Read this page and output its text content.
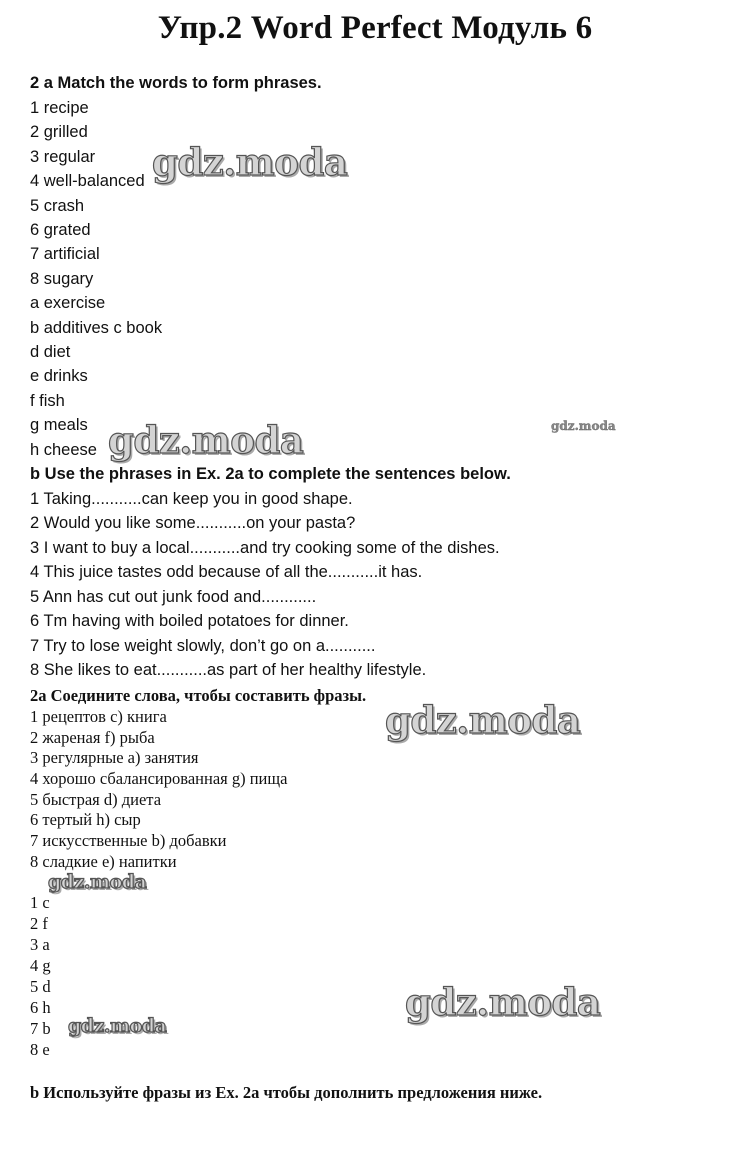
Упр.2 Word Perfect Модуль 6
2 a Match the words to form phrases.
1 recipe
2 grilled
3 regular
4 well-balanced
5 crash
6 grated
7 artificial
8 sugary
a exercise
b additives c book
d diet
e drinks
f fish
g meals
h cheese
b Use the phrases in Ex. 2a to complete the sentences below.
1 Taking...........can keep you in good shape.
2 Would you like some...........on your pasta?
3 I want to buy a local...........and try cooking some of the dishes.
4 This juice tastes odd because of all the...........it has.
5 Ann has cut out junk food and............
6 Tm having with boiled potatoes for dinner.
7 Try to lose weight slowly, don’t go on a...........
8 She likes to eat...........as part of her healthy lifestyle.
2a Соедините слова, чтобы составить фразы.
1 рецептов с) книга
2 жареная f) рыба
3 регулярные а) занятия
4 хорошо сбалансированная g) пища
5 быстрая d) диета
6 тертый h) сыр
7 искусственные b) добавки
8 сладкие е) напитки
1 c
2 f
3 a
4 g
5 d
6 h
7 b
8 e
b Используйте фразы из Ex. 2а чтобы дополнить предложения ниже.
gdz.moda
gdz.moda	gdz.moda
gdz.moda
gdz.moda
gdz.moda
gdz.moda
